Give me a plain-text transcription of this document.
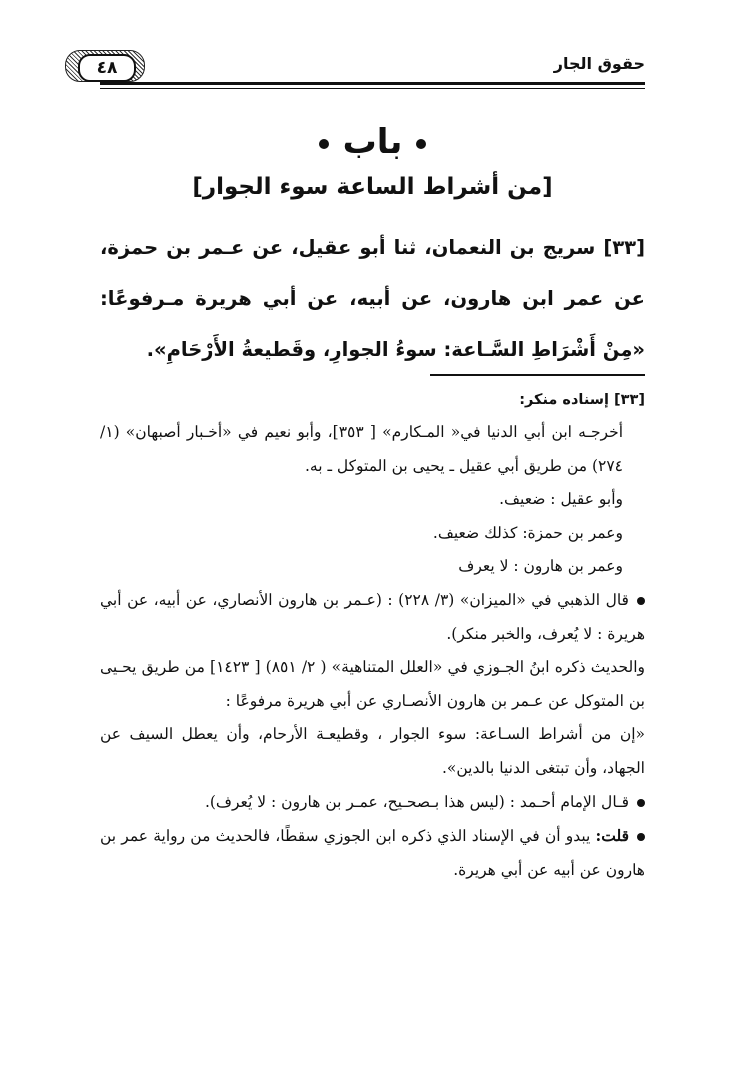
٤٨	حقوق الجار
باب
[من أشراط الساعة سوء الجوار]
[٣٣] سريج بن النعمان، ثنا أبو عقيل، عن عـمر بن حمزة، عن عمر ابن هارون، عن أبيه، عن أبي هريرة مـرفوعًا: «مِنْ أَشْرَاطِ السَّـاعة: سوءُ الجوارِ، وقَطيعةُ الأَرْحَامِ».

[٣٣] إسناده منكر:

أخرجـه ابن أبي الدنيا في« المـكارم» [ ٣٥٣]، وأبو نعيم في «أخـبار أصبهان» (١/ ٢٧٤) من طريق أبي عقيل ـ يحيى بن المتوكل ـ به.

وأبو عقيل : ضعيف.

وعمر بن حمزة: كذلك ضعيف.

وعمر بن هارون : لا يعرف

قال الذهبي في «الميزان» (٣/ ٢٢٨) : (عـمر بن هارون الأنصاري، عن أبيه، عن أبي هريرة : لا يُعرف، والخبر منكر).

والحديث ذكره ابنُ الجـوزي في «العلل المتناهية» ( ٢/ ٨٥١) [ ١٤٢٣] من طريق يحـيى بن المتوكل عن عـمر بن هارون الأنصـاري عن أبي هريرة مرفوعًا :

«إن من أشراط السـاعة: سوء الجوار ، وقطيعـة الأرحام، وأن يعطل السيف عن الجهاد، وأن تبتغى الدنيا بالدين».

قـال الإمام أحـمد : (ليس هذا بـصحـيح، عمـر بن هارون : لا يُعرف).

قلت: يبدو أن في الإسناد الذي ذكره ابن الجوزي سقطًا، فالحديث من رواية عمر بن هارون عن أبيه عن أبي هريرة.
